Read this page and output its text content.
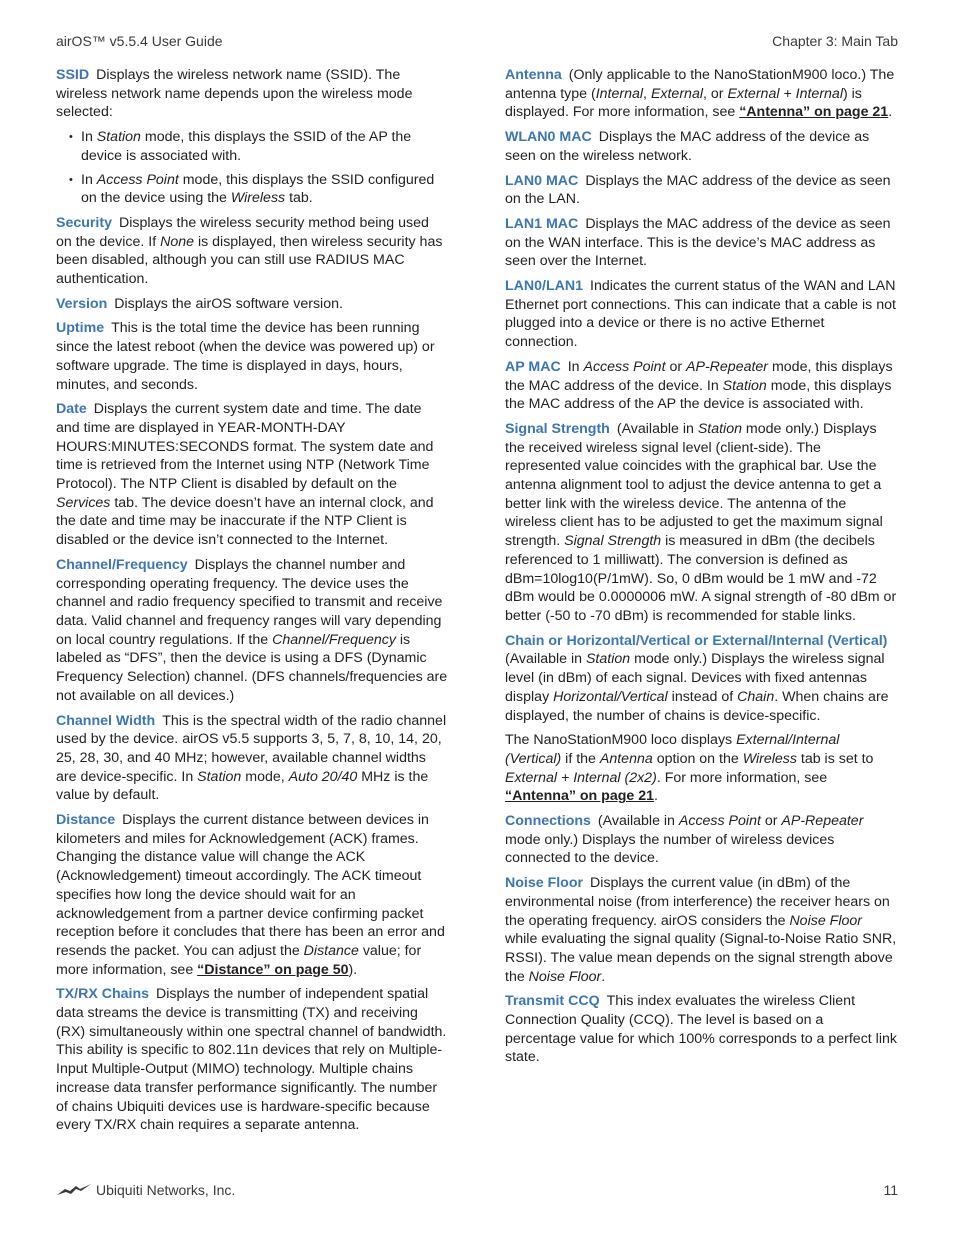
airOS™ v5.5.4 User Guide	Chapter 3: Main Tab

SSID Displays the wireless network name (SSID). The wireless network name depends upon the wireless mode selected:

• In Station mode, this displays the SSID of the AP the device is associated with.
• In Access Point mode, this displays the SSID configured on the device using the Wireless tab.

Security Displays the wireless security method being used on the device. If None is displayed, then wireless security has been disabled, although you can still use RADIUS MAC authentication.

Version Displays the airOS software version.

Uptime This is the total time the device has been running since the latest reboot (when the device was powered up) or software upgrade. The time is displayed in days, hours, minutes, and seconds.

Date Displays the current system date and time. The date and time are displayed in YEAR-MONTH-DAY HOURS:MINUTES:SECONDS format. The system date and time is retrieved from the Internet using NTP (Network Time Protocol). The NTP Client is disabled by default on the Services tab. The device doesn’t have an internal clock, and the date and time may be inaccurate if the NTP Client is disabled or the device isn’t connected to the Internet.

Channel/Frequency Displays the channel number and corresponding operating frequency. The device uses the channel and radio frequency specified to transmit and receive data. Valid channel and frequency ranges will vary depending on local country regulations. If the Channel/Frequency is labeled as “DFS”, then the device is using a DFS (Dynamic Frequency Selection) channel. (DFS channels/frequencies are not available on all devices.)

Channel Width This is the spectral width of the radio channel used by the device. airOS v5.5 supports 3, 5, 7, 8, 10, 14, 20, 25, 28, 30, and 40 MHz; however, available channel widths are device-specific. In Station mode, Auto 20/40 MHz is the value by default.

Distance Displays the current distance between devices in kilometers and miles for Acknowledgement (ACK) frames. Changing the distance value will change the ACK (Acknowledgement) timeout accordingly. The ACK timeout specifies how long the device should wait for an acknowledgement from a partner device confirming packet reception before it concludes that there has been an error and resends the packet. You can adjust the Distance value; for more information, see “Distance” on page 50).

TX/RX Chains Displays the number of independent spatial data streams the device is transmitting (TX) and receiving (RX) simultaneously within one spectral channel of bandwidth. This ability is specific to 802.11n devices that rely on Multiple-Input Multiple-Output (MIMO) technology. Multiple chains increase data transfer performance significantly. The number of chains Ubiquiti devices use is hardware-specific because every TX/RX chain requires a separate antenna.

Antenna (Only applicable to the NanoStationM900 loco.) The antenna type (Internal, External, or External + Internal) is displayed. For more information, see “Antenna” on page 21.

WLAN0 MAC Displays the MAC address of the device as seen on the wireless network.

LAN0 MAC Displays the MAC address of the device as seen on the LAN.

LAN1 MAC Displays the MAC address of the device as seen on the WAN interface. This is the device’s MAC address as seen over the Internet.

LAN0/LAN1 Indicates the current status of the WAN and LAN Ethernet port connections. This can indicate that a cable is not plugged into a device or there is no active Ethernet connection.

AP MAC In Access Point or AP-Repeater mode, this displays the MAC address of the device. In Station mode, this displays the MAC address of the AP the device is associated with.

Signal Strength (Available in Station mode only.) Displays the received wireless signal level (client-side). The represented value coincides with the graphical bar. Use the antenna alignment tool to adjust the device antenna to get a better link with the wireless device. The antenna of the wireless client has to be adjusted to get the maximum signal strength. Signal Strength is measured in dBm (the decibels referenced to 1 milliwatt). The conversion is defined as dBm=10log10(P/1mW). So, 0 dBm would be 1 mW and -72 dBm would be 0.0000006 mW. A signal strength of -80 dBm or better (-50 to -70 dBm) is recommended for stable links.

Chain or Horizontal/Vertical or External/Internal (Vertical)(Available in Station mode only.) Displays the wireless signal level (in dBm) of each signal. Devices with fixed antennas display Horizontal/Vertical instead of Chain. When chains are displayed, the number of chains is device-specific.

The NanoStationM900 loco displays External/Internal (Vertical) if the Antenna option on the Wireless tab is set to External + Internal (2x2). For more information, see “Antenna” on page 21.

Connections (Available in Access Point or AP-Repeater mode only.) Displays the number of wireless devices connected to the device.

Noise Floor Displays the current value (in dBm) of the environmental noise (from interference) the receiver hears on the operating frequency. airOS considers the Noise Floor while evaluating the signal quality (Signal-to-Noise Ratio SNR, RSSI). The value mean depends on the signal strength above the Noise Floor.

Transmit CCQ This index evaluates the wireless Client Connection Quality (CCQ). The level is based on a percentage value for which 100% corresponds to a perfect link state.

Ubiquiti Networks, Inc.	11
